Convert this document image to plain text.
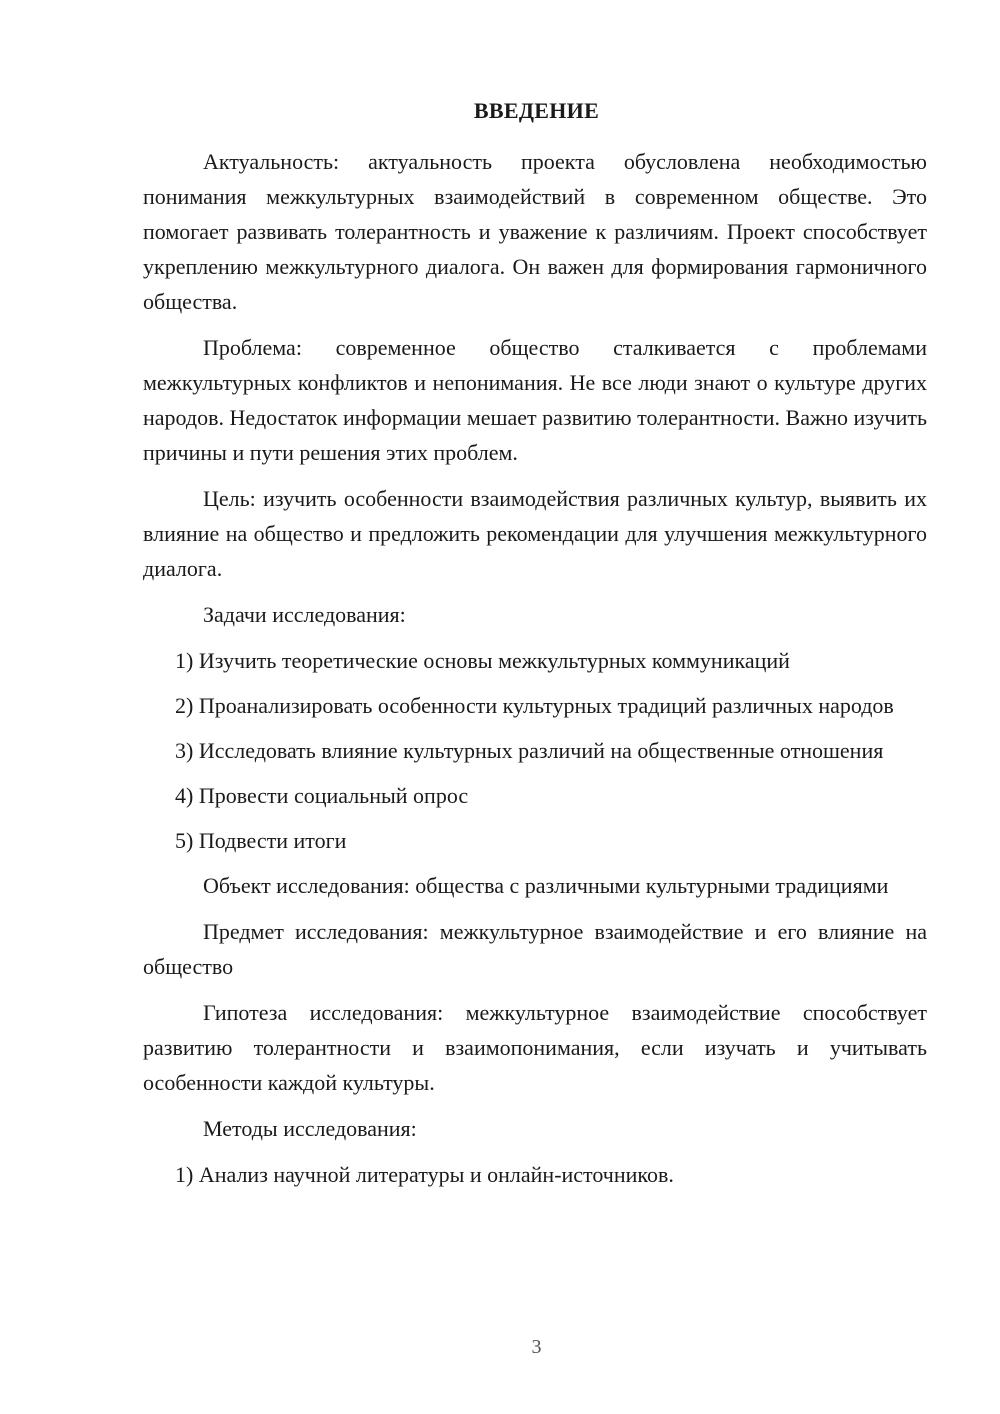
ВВЕДЕНИЕ

Актуальность: актуальность проекта обусловлена необходимостью понимания межкультурных взаимодействий в современном обществе. Это помогает развивать толерантность и уважение к различиям. Проект способствует укреплению межкультурного диалога. Он важен для формирования гармоничного общества.

Проблема: современное общество сталкивается с проблемами межкультурных конфликтов и непонимания. Не все люди знают о культуре других народов. Недостаток информации мешает развитию толерантности. Важно изучить причины и пути решения этих проблем.

Цель: изучить особенности взаимодействия различных культур, выявить их влияние на общество и предложить рекомендации для улучшения межкультурного диалога.

Задачи исследования:

1) Изучить теоретические основы межкультурных коммуникаций

2) Проанализировать особенности культурных традиций различных народов

3) Исследовать влияние культурных различий на общественные отношения

4) Провести социальный опрос

5) Подвести итоги

Объект исследования: общества с различными культурными традициями

Предмет исследования: межкультурное взаимодействие и его влияние на общество

Гипотеза исследования: межкультурное взаимодействие способствует развитию толерантности и взаимопонимания, если изучать и учитывать особенности каждой культуры.

Методы исследования:

1) Анализ научной литературы и онлайн-источников.

3
